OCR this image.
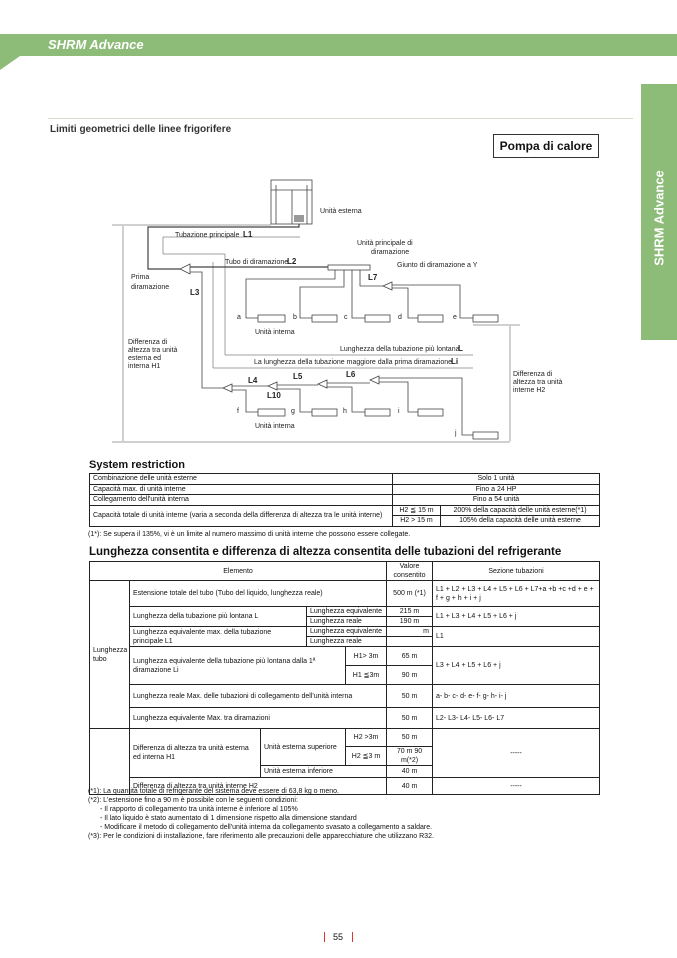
SHRM Advance
SHRM Advance
Limiti geometrici delle linee frigorifere
Pompa di calore
Unità esterna
Tubazione principale L1
Unità principale di
diramazione
Tubo di diramazione
L2	Giunto di diramazione a Y
L7
Prima
diramazione
L3
a	b	c	d	e
f	g	h	i
j
Unità interna
Unità interna
Differenza di
altezza tra unità
esterna ed
interna H1
Lunghezza della tubazione più lontana
L
La lunghezza della tubazione maggiore dalla prima diramazione
Li
L4	L5	L6
L10
Differenza di
altezza tra unità
interne H2
System restriction
Combinazione delle unità esterne	Solo 1 unità	
Capacità max. di unità interne	Fino a 24 HP	
Collegamento dell'unità interna	Fino a 54 unità	
Capacità totale di unità interne (varia a seconda della differenza di altezza tra le unità interne)	H2 ≦ 15 m	200% della capacità delle unità esterne(*1)
	H2 > 15 m	105% della capacità delle unità esterne
(1*): Se supera il 135%, vi è un limite al numero massimo di unità interne che possono essere collegate.
Lunghezza consentita e differenza di altezza consentita delle tubazioni del refrigerante
Elemento					Valore consentito	Sezione tubazioni
Lunghezza tubo	Estensione totale del tubo (Tubo del liquido, lunghezza reale)				500 m (*1)	L1 + L2 + L3 + L4 + L5 + L6 + L7+a +b +c +d + e + f + g + h + i + j
	Lunghezza della tubazione più lontana L		Lunghezza equivalente		215 m	L1 + L3 + L4 + L5 + L6 + j
			Lunghezza reale		190 m	
	Lunghezza equivalente max. della tubazione principale L1		Lunghezza equivalente		m	L1
			Lunghezza reale			
	Lunghezza equivalente della tubazione più lontana dalla 1ª diramazione Li			H1> 3m	65 m	L3 + L4 + L5 + L6 + j
				H1 ≦3m	90 m	
	Lunghezza reale Max. delle tubazioni di collegamento dell'unità interna				50 m	a- b- c- d- e- f- g- h- i- j
	Lunghezza equivalente Max. tra diramazioni				50 m	L2- L3- L4- L5- L6- L7
	Differenza di altezza tra unità esterna ed interna H1	Unità esterna superiore		H2 >3m	50 m	-----
				H2 ≦3 m	70 m 90 m(*2)	
		Unità esterna inferiore			40 m	
	Differenza di altezza tra unità interne H2				40 m	-----
(*1): La quantità totale di refrigerante del sistema deve essere di 63,8 kg o meno.
(*2): L'estensione fino a 90 m è possibile con le seguenti condizioni:
- Il rapporto di collegamento tra unità interne è inferiore al 105%
- Il lato liquido è stato aumentato di 1 dimensione rispetto alla dimensione standard
- Modificare il metodo di collegamento dell'unità interna da collegamento svasato a collegamento a saldare.
(*3): Per le condizioni di installazione, fare riferimento alle precauzioni delle apparecchiature che utilizzano R32.
55
